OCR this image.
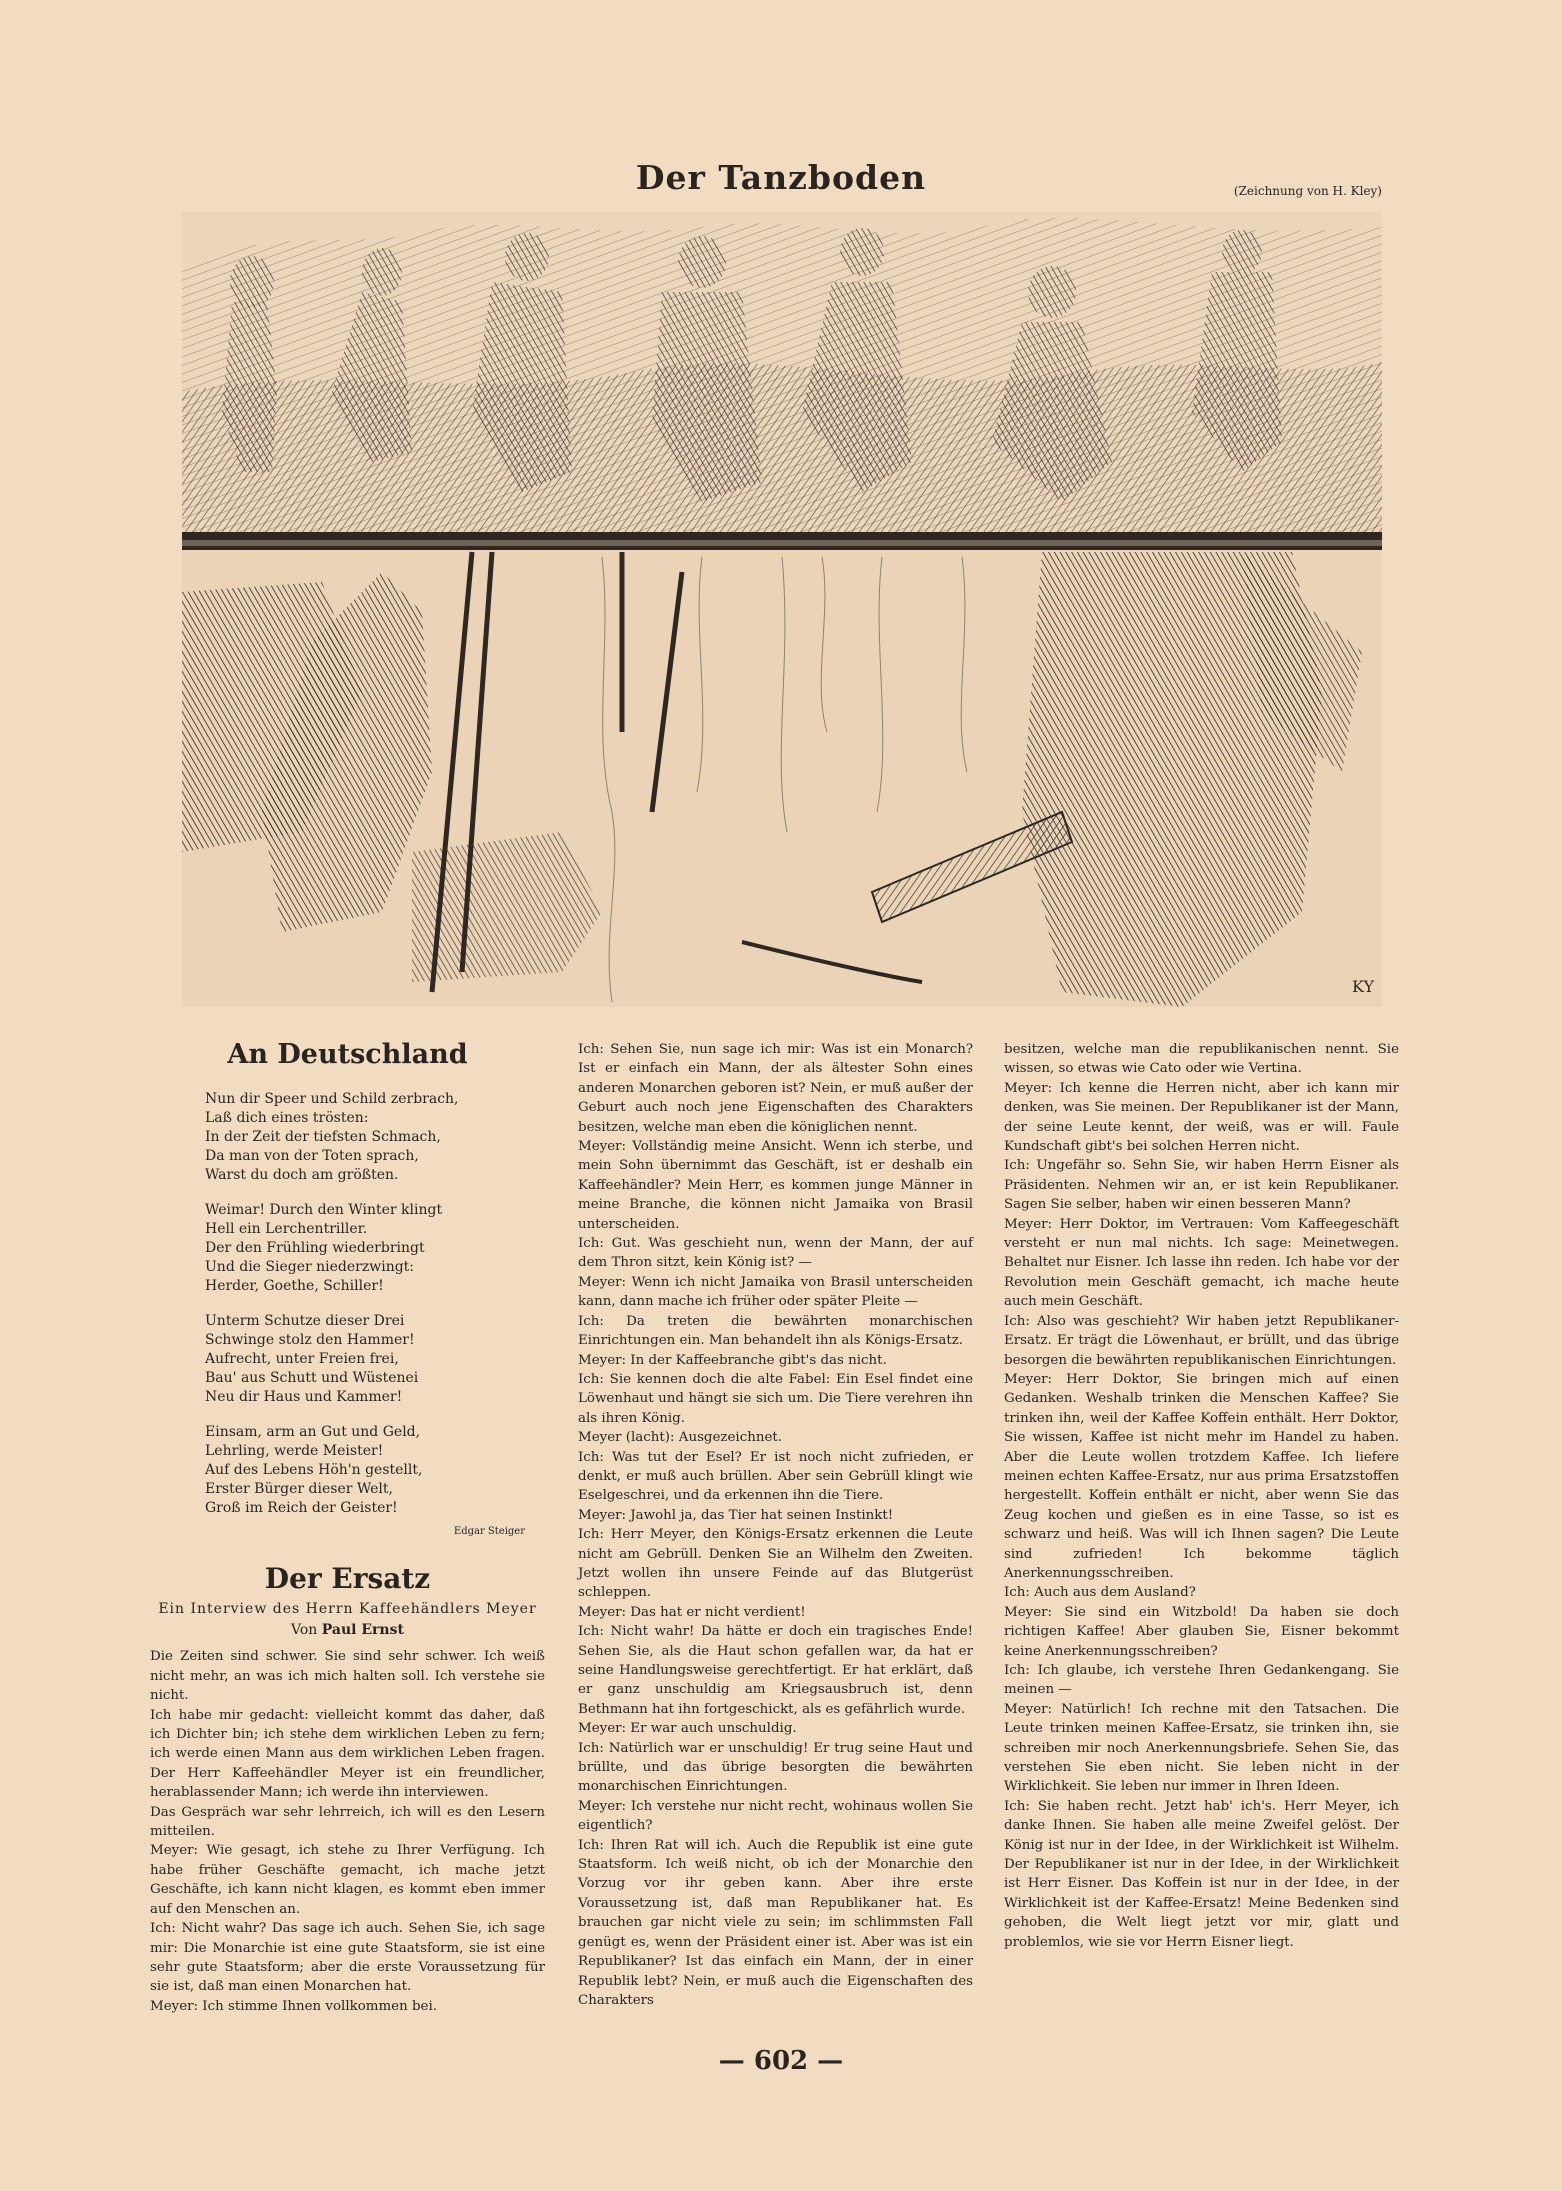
Der Tanzboden	(Zeichnung von H. Kley)
KY
An Deutschland
Nun dir Speer und Schild zerbrach,
Laß dich eines trösten:
In der Zeit der tiefsten Schmach,
Da man von der Toten sprach,
Warst du doch am größten.
Weimar! Durch den Winter klingt
Hell ein Lerchentriller.
Der den Frühling wiederbringt
Und die Sieger niederzwingt:
Herder, Goethe, Schiller!
Unterm Schutze dieser Drei
Schwinge stolz den Hammer!
Aufrecht, unter Freien frei,
Bau' aus Schutt und Wüstenei
Neu dir Haus und Kammer!
Einsam, arm an Gut und Geld,
Lehrling, werde Meister!
Auf des Lebens Höh'n gestellt,
Erster Bürger dieser Welt,
Groß im Reich der Geister!
Edgar Steiger
Der Ersatz
Ein Interview des Herrn Kaffeehändlers Meyer
Von Paul Ernst

Die Zeiten sind schwer. Sie sind sehr schwer. Ich weiß nicht mehr, an was ich mich halten soll. Ich verstehe sie nicht.

Ich habe mir gedacht: vielleicht kommt das daher, daß ich Dichter bin; ich stehe dem wirklichen Leben zu fern; ich werde einen Mann aus dem wirklichen Leben fragen. Der Herr Kaffeehändler Meyer ist ein freundlicher, herablassender Mann; ich werde ihn interviewen.

Das Gespräch war sehr lehrreich, ich will es den Lesern mitteilen.

Meyer: Wie gesagt, ich stehe zu Ihrer Verfügung. Ich habe früher Geschäfte gemacht, ich mache jetzt Geschäfte, ich kann nicht klagen, es kommt eben immer auf den Menschen an.

Ich: Nicht wahr? Das sage ich auch. Sehen Sie, ich sage mir: Die Monarchie ist eine gute Staatsform, sie ist eine sehr gute Staatsform; aber die erste Voraussetzung für sie ist, daß man einen Monarchen hat.

Meyer: Ich stimme Ihnen vollkommen bei.

Ich: Sehen Sie, nun sage ich mir: Was ist ein Monarch? Ist er einfach ein Mann, der als ältester Sohn eines anderen Monarchen geboren ist? Nein, er muß außer der Geburt auch noch jene Eigenschaften des Charakters besitzen, welche man eben die königlichen nennt.

Meyer: Vollständig meine Ansicht. Wenn ich sterbe, und mein Sohn übernimmt das Geschäft, ist er deshalb ein Kaffeehändler? Mein Herr, es kommen junge Männer in meine Branche, die können nicht Jamaika von Brasil unterscheiden.

Ich: Gut. Was geschieht nun, wenn der Mann, der auf dem Thron sitzt, kein König ist? —

Meyer: Wenn ich nicht Jamaika von Brasil unterscheiden kann, dann mache ich früher oder später Pleite —

Ich: Da treten die bewährten monarchischen Einrichtungen ein. Man behandelt ihn als Königs-Ersatz.

Meyer: In der Kaffeebranche gibt's das nicht.

Ich: Sie kennen doch die alte Fabel: Ein Esel findet eine Löwenhaut und hängt sie sich um. Die Tiere verehren ihn als ihren König.

Meyer (lacht): Ausgezeichnet.

Ich: Was tut der Esel? Er ist noch nicht zufrieden, er denkt, er muß auch brüllen. Aber sein Gebrüll klingt wie Eselgeschrei, und da erkennen ihn die Tiere.

Meyer: Jawohl ja, das Tier hat seinen Instinkt!

Ich: Herr Meyer, den Königs-Ersatz erkennen die Leute nicht am Gebrüll. Denken Sie an Wilhelm den Zweiten. Jetzt wollen ihn unsere Feinde auf das Blutgerüst schleppen.

Meyer: Das hat er nicht verdient!

Ich: Nicht wahr! Da hätte er doch ein tragisches Ende! Sehen Sie, als die Haut schon gefallen war, da hat er seine Handlungsweise gerechtfertigt. Er hat erklärt, daß er ganz unschuldig am Kriegsausbruch ist, denn Bethmann hat ihn fortgeschickt, als es gefährlich wurde.

Meyer: Er war auch unschuldig.

Ich: Natürlich war er unschuldig! Er trug seine Haut und brüllte, und das übrige besorgten die bewährten monarchischen Einrichtungen.

Meyer: Ich verstehe nur nicht recht, wohinaus wollen Sie eigentlich?

Ich: Ihren Rat will ich. Auch die Republik ist eine gute Staatsform. Ich weiß nicht, ob ich der Monarchie den Vorzug vor ihr geben kann. Aber ihre erste Voraussetzung ist, daß man Republikaner hat. Es brauchen gar nicht viele zu sein; im schlimmsten Fall genügt es, wenn der Präsident einer ist. Aber was ist ein Republikaner? Ist das einfach ein Mann, der in einer Republik lebt? Nein, er muß auch die Eigenschaften des Charakters

besitzen, welche man die republikanischen nennt. Sie wissen, so etwas wie Cato oder wie Vertina.

Meyer: Ich kenne die Herren nicht, aber ich kann mir denken, was Sie meinen. Der Republikaner ist der Mann, der seine Leute kennt, der weiß, was er will. Faule Kundschaft gibt's bei solchen Herren nicht.

Ich: Ungefähr so. Sehn Sie, wir haben Herrn Eisner als Präsidenten. Nehmen wir an, er ist kein Republikaner. Sagen Sie selber, haben wir einen besseren Mann?

Meyer: Herr Doktor, im Vertrauen: Vom Kaffeegeschäft versteht er nun mal nichts. Ich sage: Meinetwegen. Behaltet nur Eisner. Ich lasse ihn reden. Ich habe vor der Revolution mein Geschäft gemacht, ich mache heute auch mein Geschäft.

Ich: Also was geschieht? Wir haben jetzt Republikaner-Ersatz. Er trägt die Löwenhaut, er brüllt, und das übrige besorgen die bewährten republikanischen Einrichtungen.

Meyer: Herr Doktor, Sie bringen mich auf einen Gedanken. Weshalb trinken die Menschen Kaffee? Sie trinken ihn, weil der Kaffee Koffein enthält. Herr Doktor, Sie wissen, Kaffee ist nicht mehr im Handel zu haben. Aber die Leute wollen trotzdem Kaffee. Ich liefere meinen echten Kaffee-Ersatz, nur aus prima Ersatzstoffen hergestellt. Koffein enthält er nicht, aber wenn Sie das Zeug kochen und gießen es in eine Tasse, so ist es schwarz und heiß. Was will ich Ihnen sagen? Die Leute sind zufrieden! Ich bekomme täglich Anerkennungsschreiben.

Ich: Auch aus dem Ausland?

Meyer: Sie sind ein Witzbold! Da haben sie doch richtigen Kaffee! Aber glauben Sie, Eisner bekommt keine Anerkennungsschreiben?

Ich: Ich glaube, ich verstehe Ihren Gedankengang. Sie meinen —

Meyer: Natürlich! Ich rechne mit den Tatsachen. Die Leute trinken meinen Kaffee-Ersatz, sie trinken ihn, sie schreiben mir noch Anerkennungsbriefe. Sehen Sie, das verstehen Sie eben nicht. Sie leben nicht in der Wirklichkeit. Sie leben nur immer in Ihren Ideen.

Ich: Sie haben recht. Jetzt hab' ich's. Herr Meyer, ich danke Ihnen. Sie haben alle meine Zweifel gelöst. Der König ist nur in der Idee, in der Wirklichkeit ist Wilhelm. Der Republikaner ist nur in der Idee, in der Wirklichkeit ist Herr Eisner. Das Koffein ist nur in der Idee, in der Wirklichkeit ist der Kaffee-Ersatz! Meine Bedenken sind gehoben, die Welt liegt jetzt vor mir, glatt und problemlos, wie sie vor Herrn Eisner liegt.

— 602 —
